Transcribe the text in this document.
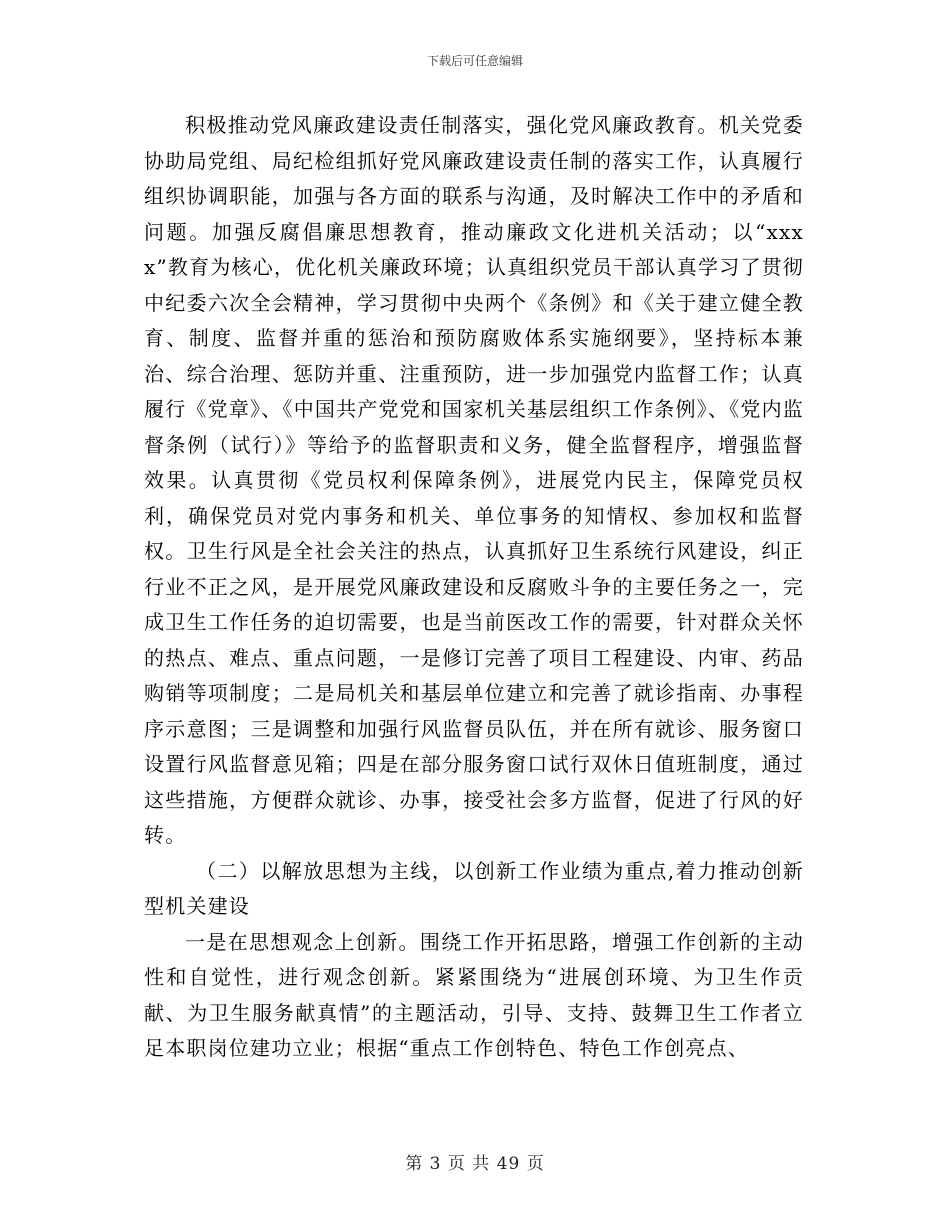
下载后可任意编辑

积极推动党风廉政建设责任制落实，强化党风廉政教育。机关党委协助局党组、局纪检组抓好党风廉政建设责任制的落实工作，认真履行组织协调职能，加强与各方面的联系与沟通，及时解决工作中的矛盾和问题。加强反腐倡廉思想教育，推动廉政文化进机关活动；以“xxxx”教育为核心，优化机关廉政环境；认真组织党员干部认真学习了贯彻中纪委六次全会精神，学习贯彻中央两个《条例》和《关于建立健全教育、制度、监督并重的惩治和预防腐败体系实施纲要》，坚持标本兼治、综合治理、惩防并重、注重预防，进一步加强党内监督工作；认真履行《党章》、《中国共产党党和国家机关基层组织工作条例》、《党内监督条例（试行）》等给予的监督职责和义务，健全监督程序，增强监督效果。认真贯彻《党员权利保障条例》，进展党内民主，保障党员权利，确保党员对党内事务和机关、单位事务的知情权、参加权和监督权。卫生行风是全社会关注的热点，认真抓好卫生系统行风建设，纠正行业不正之风，是开展党风廉政建设和反腐败斗争的主要任务之一，完成卫生工作任务的迫切需要，也是当前医改工作的需要，针对群众关怀的热点、难点、重点问题，一是修订完善了项目工程建设、内审、药品购销等项制度；二是局机关和基层单位建立和完善了就诊指南、办事程序示意图；三是调整和加强行风监督员队伍，并在所有就诊、服务窗口设置行风监督意见箱；四是在部分服务窗口试行双休日值班制度，通过这些措施，方便群众就诊、办事，接受社会多方监督，促进了行风的好转。

（二）以解放思想为主线，以创新工作业绩为重点,着力推动创新型机关建设

一是在思想观念上创新。围绕工作开拓思路，增强工作创新的主动性和自觉性，进行观念创新。紧紧围绕为“进展创环境、为卫生作贡献、为卫生服务献真情”的主题活动，引导、支持、鼓舞卫生工作者立足本职岗位建功立业；根据“重点工作创特色、特色工作创亮点、

第 3 页 共 49 页
